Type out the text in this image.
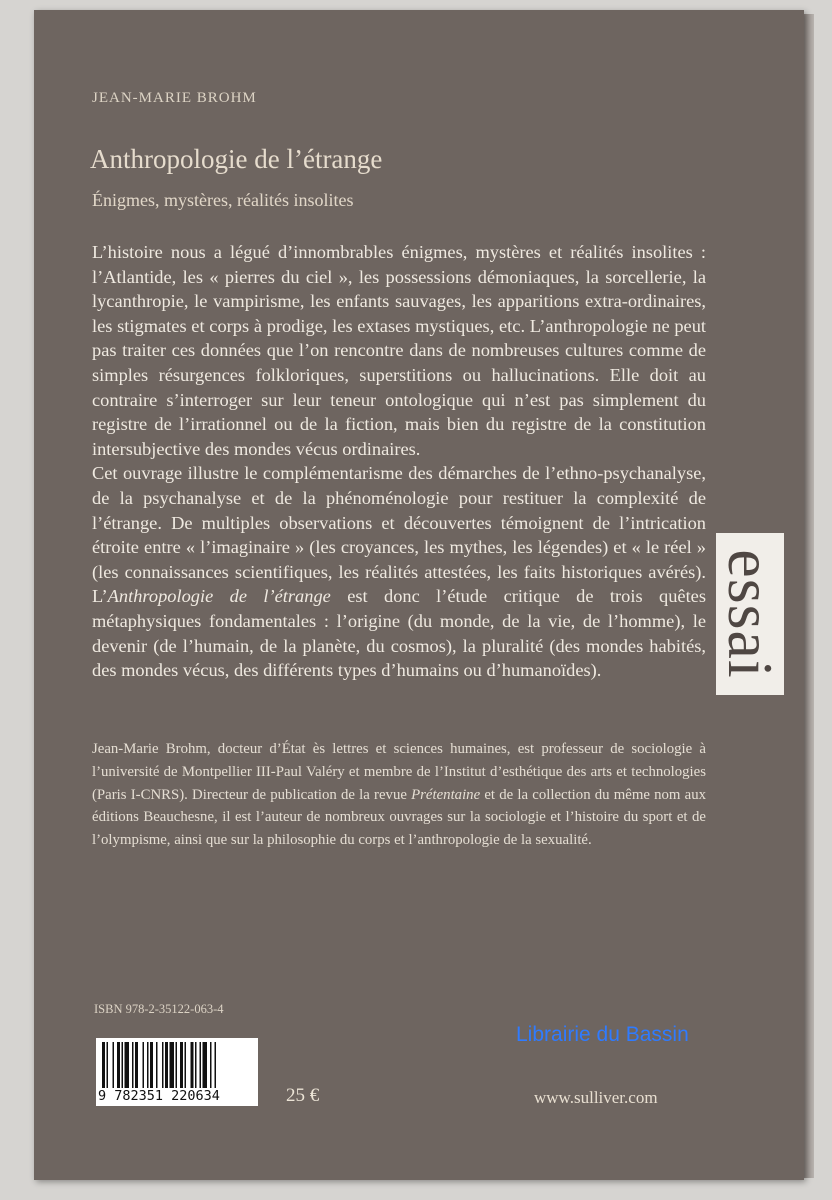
JEAN-MARIE BROHM
Anthropologie de l’étrange
Énigmes, mystères, réalités insolites

L’histoire nous a légué d’innombrables énigmes, mystères et réalités insolites : l’Atlantide, les « pierres du ciel », les possessions démoniaques, la sorcellerie, la lycanthropie, le vampirisme, les enfants sauvages, les apparitions extra-ordinaires, les stigmates et corps à prodige, les extases mystiques, etc. L’anthropologie ne peut pas traiter ces données que l’on rencontre dans de nombreuses cultures comme de simples résurgences folkloriques, superstitions ou hallucinations. Elle doit au contraire s’interroger sur leur teneur ontologique qui n’est pas simplement du registre de l’irrationnel ou de la fiction, mais bien du registre de la constitution intersubjective des mondes vécus ordinaires.

Cet ouvrage illustre le complémentarisme des démarches de l’ethno-psychanalyse, de la psychanalyse et de la phénoménologie pour restituer la complexité de l’étrange. De multiples observations et découvertes témoignent de l’intrication étroite entre « l’imaginaire » (les croyances, les mythes, les légendes) et « le réel » (les connaissances scientifiques, les réalités attestées, les faits historiques avérés). L’Anthropologie de l’étrange est donc l’étude critique de trois quêtes métaphysiques fondamentales : l’origine (du monde, de la vie, de l’homme), le devenir (de l’humain, de la planète, du cosmos), la pluralité (des mondes habités, des mondes vécus, des différents types d’humains ou d’humanoïdes).

Jean-Marie Brohm, docteur d’État ès lettres et sciences humaines, est professeur de sociologie à l’université de Montpellier III-Paul Valéry et membre de l’Institut d’esthétique des arts et technologies (Paris I-CNRS). Directeur de publication de la revue Prétentaine et de la collection du même nom aux éditions Beauchesne, il est l’auteur de nombreux ouvrages sur la sociologie et l’histoire du sport et de l’olympisme, ainsi que sur la philosophie du corps et l’anthropologie de la sexualité.
ISBN 978-2-35122-063-4
9 782351 220634	25 €	www.sulliver.com
Librairie du Bassin
essai
